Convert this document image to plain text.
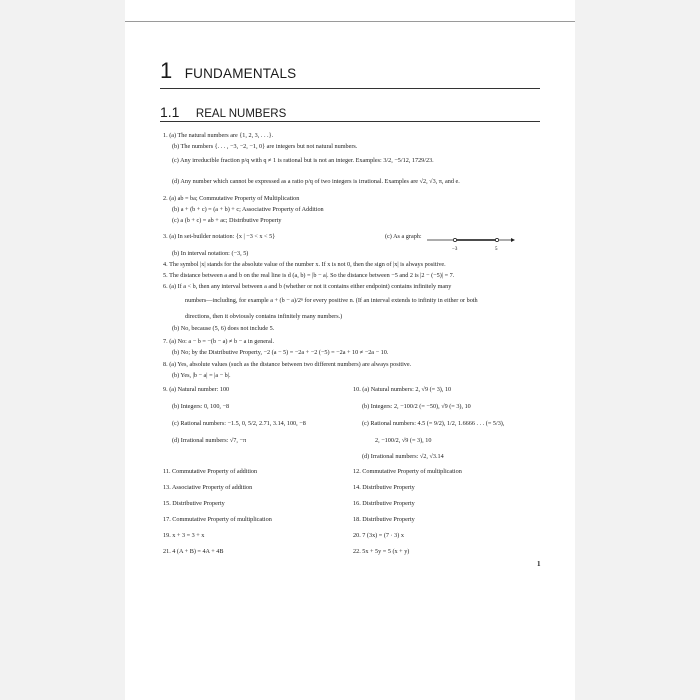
1 FUNDAMENTALS
1.1 REAL NUMBERS
1. (a) The natural numbers are {1, 2, 3, . . .}.
(b) The numbers {. . . , −3, −2, −1, 0} are integers but not natural numbers.
(c) Any irreducible fraction p/q with q ≠ 1 is rational but is not an integer. Examples: 3/2, −5/12, 1729/23.
(d) Any number which cannot be expressed as a ratio p/q of two integers is irrational. Examples are √2, √3, π, and e.
2. (a) ab = ba; Commutative Property of Multiplication
(b) a + (b + c) = (a + b) + c; Associative Property of Addition
(c) a (b + c) = ab + ac; Distributive Property
3. (a) In set-builder notation: {x | −3 < x < 5}	(c) As a graph:
−3	5
(b) In interval notation: (−3, 5)
4. The symbol |x| stands for the absolute value of the number x. If x is not 0, then the sign of |x| is always positive.
5. The distance between a and b on the real line is d (a, b) = |b − a|. So the distance between −5 and 2 is |2 − (−5)| = 7.
6. (a) If a < b, then any interval between a and b (whether or not it contains either endpoint) contains infinitely many
numbers—including, for example a + (b − a)/2ⁿ for every positive n. (If an interval extends to infinity in either or both
directions, then it obviously contains infinitely many numbers.)
(b) No, because (5, 6) does not include 5.
7. (a) No: a − b = −(b − a) ≠ b − a in general.
(b) No; by the Distributive Property, −2 (a − 5) = −2a + −2 (−5) = −2a + 10 ≠ −2a − 10.
8. (a) Yes, absolute values (such as the distance between two different numbers) are always positive.
(b) Yes, |b − a| = |a − b|.
9. (a) Natural number: 100	10. (a) Natural numbers: 2, √9 (= 3), 10
(b) Integers: 0, 100, −8	(b) Integers: 2, −100/2 (= −50), √9 (= 3), 10
(c) Rational numbers: −1.5, 0, 5/2, 2.71, 3.14, 100, −8	(c) Rational numbers: 4.5 (= 9/2), 1/2, 1.6666 . . . (= 5/3),
(d) Irrational numbers: √7, −π	2, −100/2, √9 (= 3), 10
(d) Irrational numbers: √2, √3.14
11. Commutative Property of addition	12. Commutative Property of multiplication
13. Associative Property of addition	14. Distributive Property
15. Distributive Property	16. Distributive Property
17. Commutative Property of multiplication	18. Distributive Property
19. x + 3 = 3 + x	20. 7 (3x) = (7 · 3) x
21. 4 (A + B) = 4A + 4B	22. 5x + 5y = 5 (x + y)
1
